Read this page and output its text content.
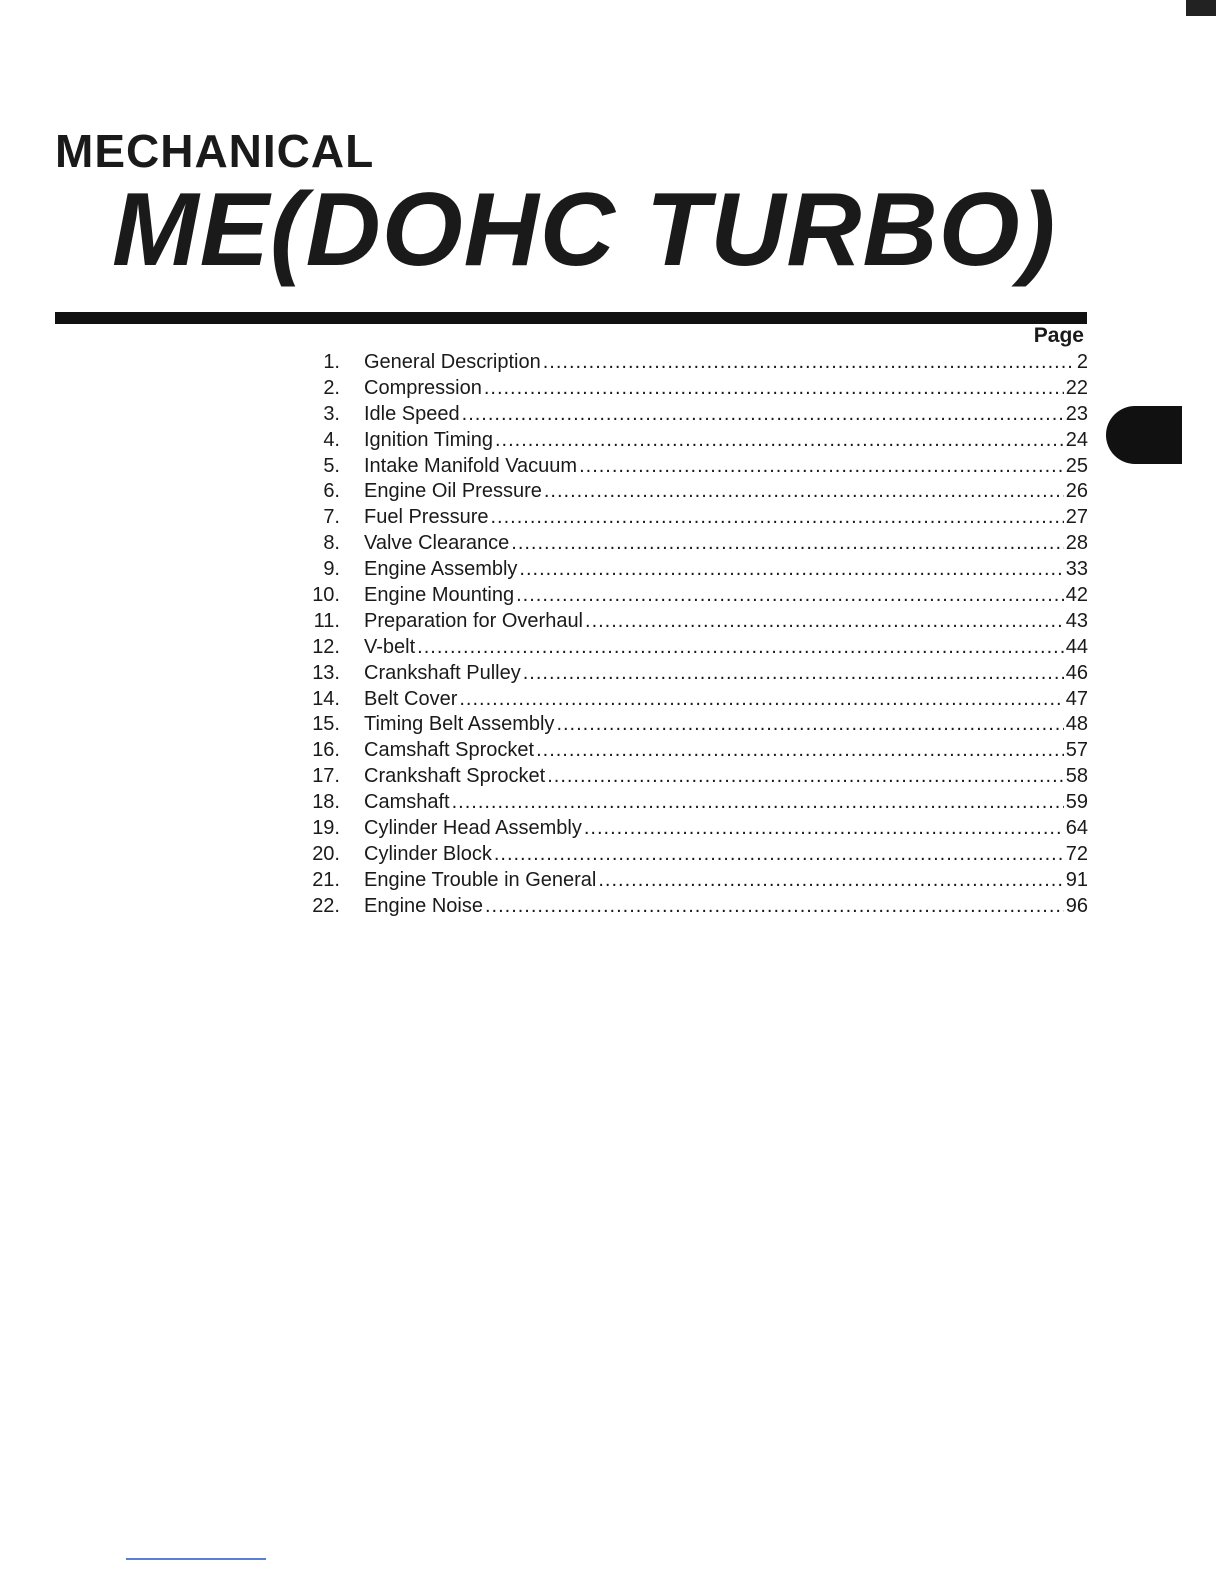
MECHANICAL
ME(DOHC TURBO)
Page
1. General Description .....	2
2. Compression .....	22
3. Idle Speed .....	23
4. Ignition Timing .....	24
5. Intake Manifold Vacuum .....	25
6. Engine Oil Pressure .....	26
7. Fuel Pressure .....	27
8. Valve Clearance .....	28
9. Engine Assembly .....	33
10. Engine Mounting .....	42
11. Preparation for Overhaul .....	43
12. V-belt .....	44
13. Crankshaft Pulley .....	46
14. Belt Cover .....	47
15. Timing Belt Assembly .....	48
16. Camshaft Sprocket .....	57
17. Crankshaft Sprocket .....	58
18. Camshaft .....	59
19. Cylinder Head Assembly .....	64
20. Cylinder Block .....	72
21. Engine Trouble in General .....	91
22. Engine Noise .....	96
